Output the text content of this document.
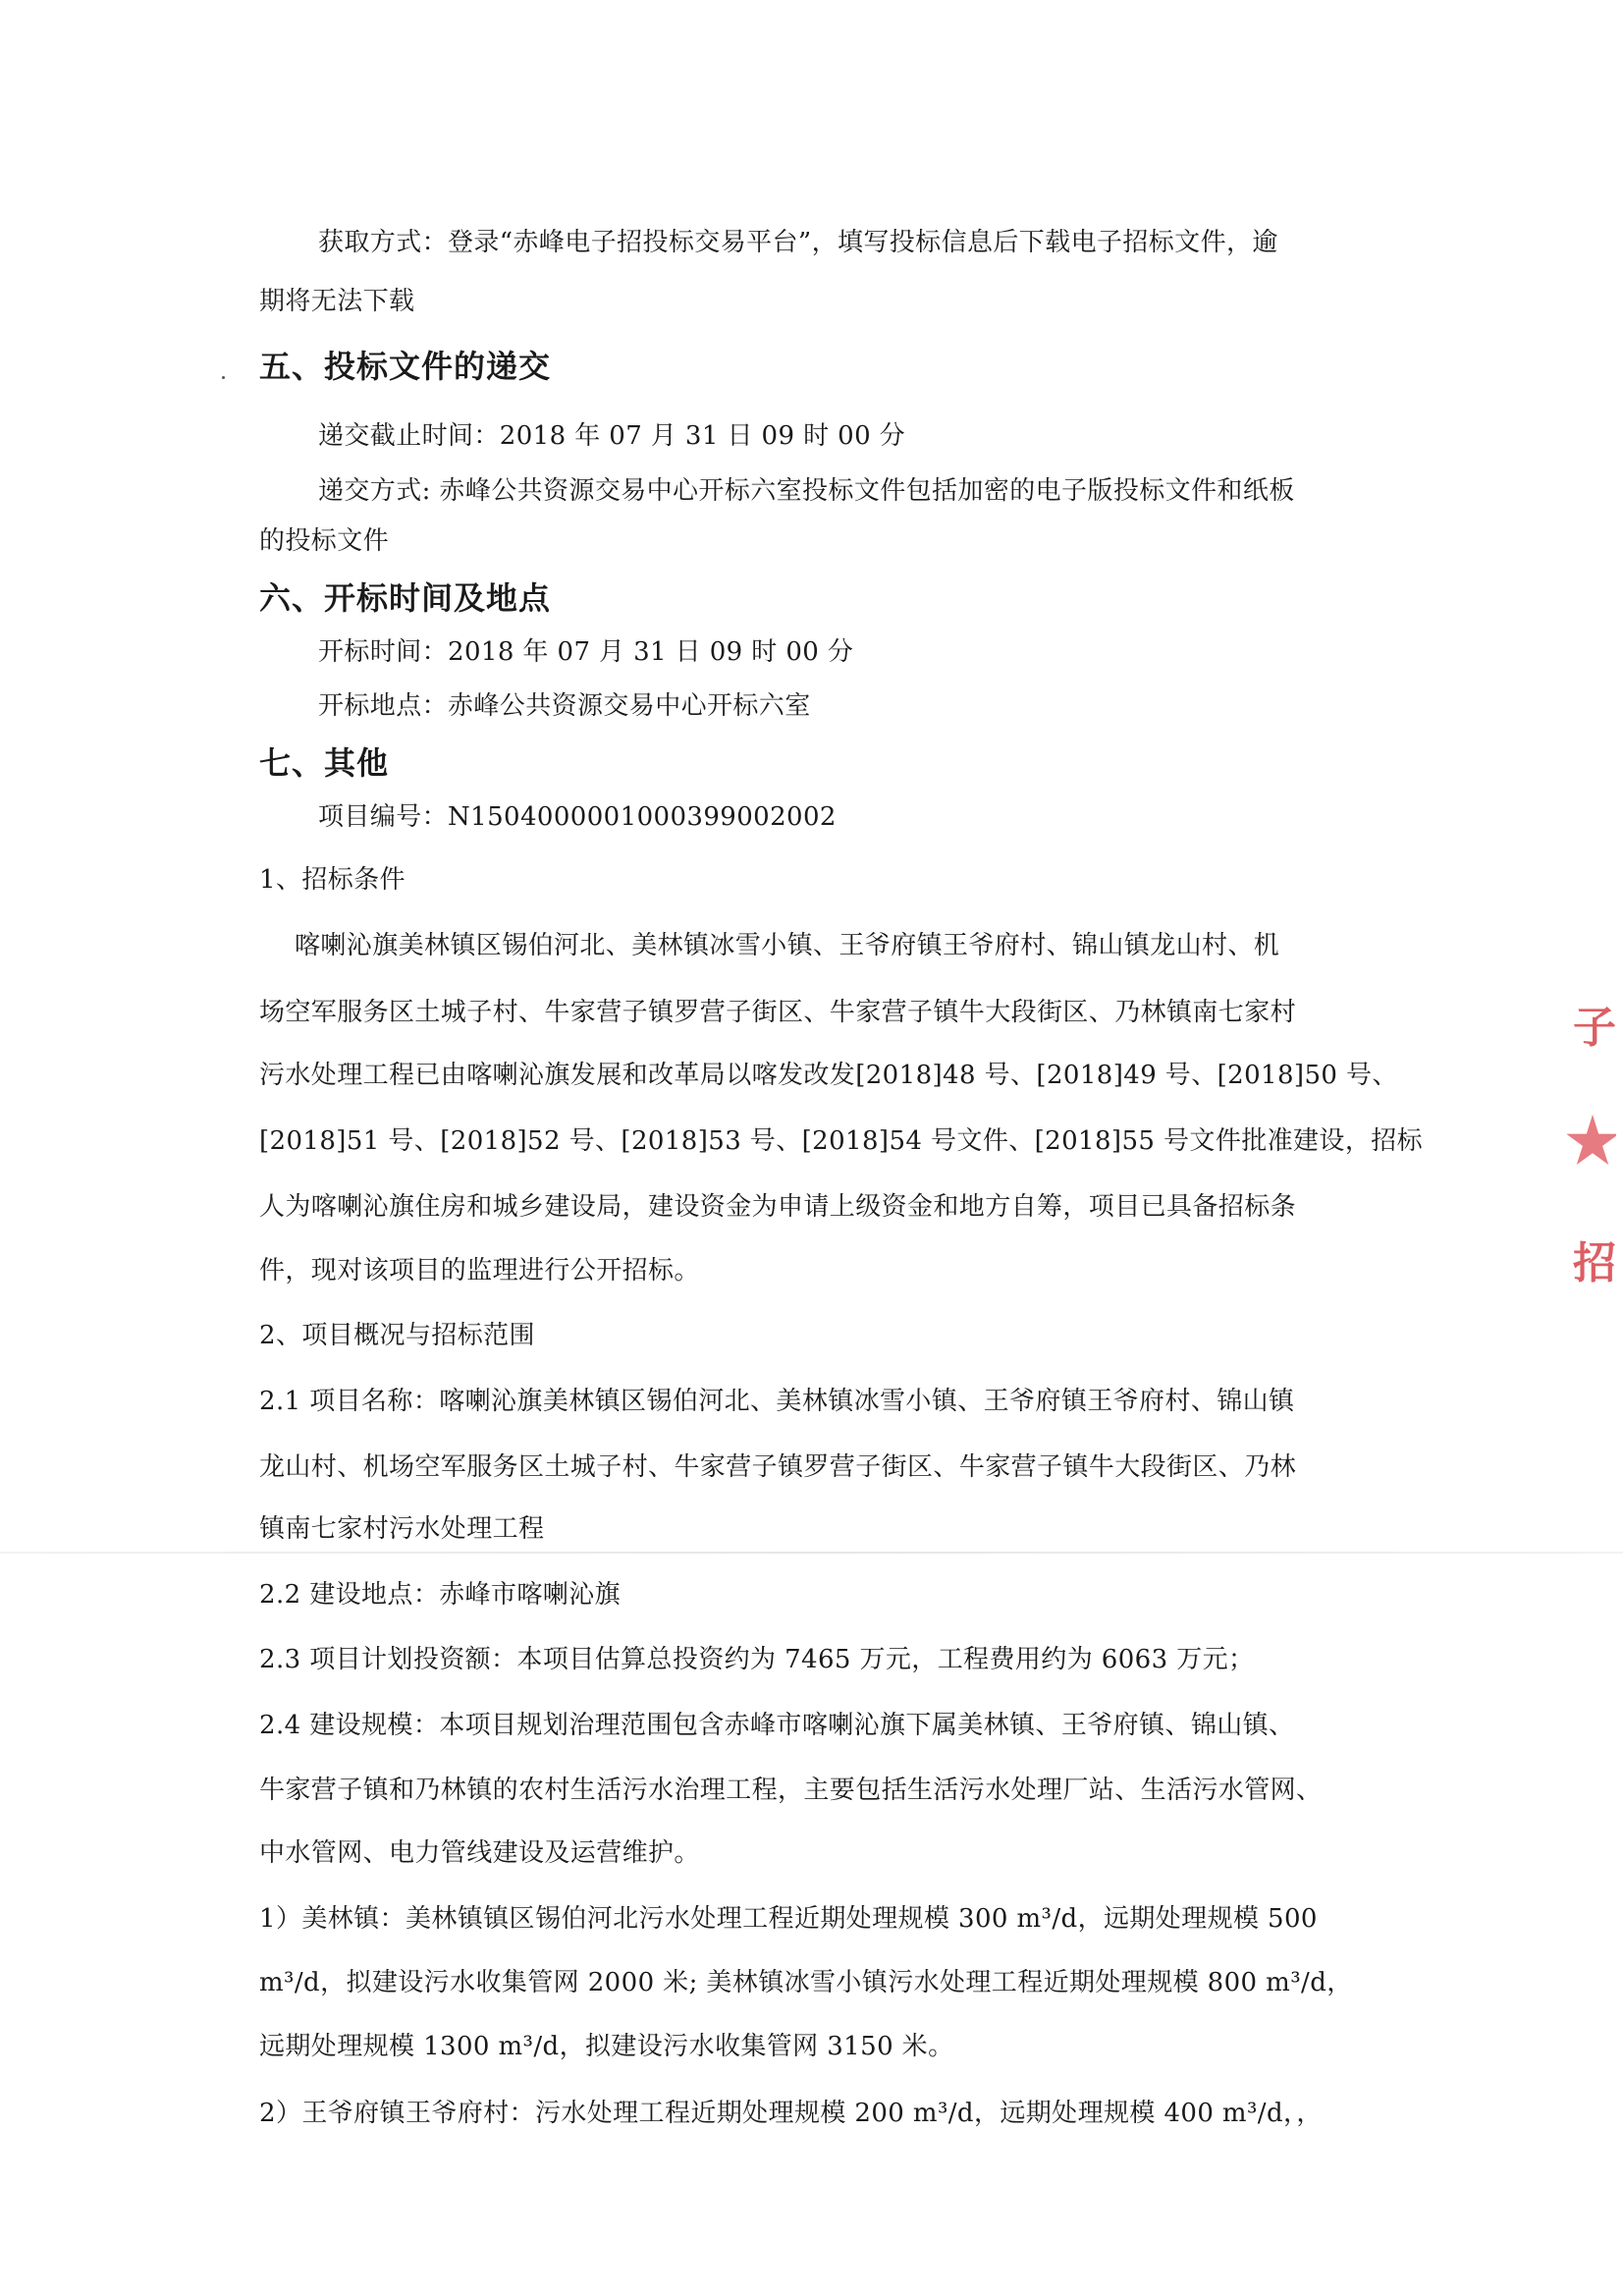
获取方式：登录“赤峰电子招投标交易平台”，填写投标信息后下载电子招标文件，逾
期将无法下载
五、投标文件的递交
递交截止时间：2018 年 07 月 31 日 09 时 00 分
递交方式: 赤峰公共资源交易中心开标六室投标文件包括加密的电子版投标文件和纸板
的投标文件
六、开标时间及地点
开标时间：2018 年 07 月 31 日 09 时 00 分
开标地点：赤峰公共资源交易中心开标六室
七、其他
项目编号：N1504000001000399002002
1、招标条件
喀喇沁旗美林镇区锡伯河北、美林镇冰雪小镇、王爷府镇王爷府村、锦山镇龙山村、机
场空军服务区土城子村、牛家营子镇罗营子街区、牛家营子镇牛大段街区、乃林镇南七家村
污水处理工程已由喀喇沁旗发展和改革局以喀发改发[2018]48 号、[2018]49 号、[2018]50 号、
[2018]51 号、[2018]52 号、[2018]53 号、[2018]54 号文件、[2018]55 号文件批准建设，招标
人为喀喇沁旗住房和城乡建设局，建设资金为申请上级资金和地方自筹，项目已具备招标条
件，现对该项目的监理进行公开招标。
2、项目概况与招标范围
2.1 项目名称：喀喇沁旗美林镇区锡伯河北、美林镇冰雪小镇、王爷府镇王爷府村、锦山镇
龙山村、机场空军服务区土城子村、牛家营子镇罗营子街区、牛家营子镇牛大段街区、乃林
镇南七家村污水处理工程
2.2 建设地点：赤峰市喀喇沁旗
2.3 项目计划投资额：本项目估算总投资约为 7465 万元，工程费用约为 6063 万元；
2.4 建设规模：本项目规划治理范围包含赤峰市喀喇沁旗下属美林镇、王爷府镇、锦山镇、
牛家营子镇和乃林镇的农村生活污水治理工程，主要包括生活污水处理厂站、生活污水管网、
中水管网、电力管线建设及运营维护。
1）美林镇：美林镇镇区锡伯河北污水处理工程近期处理规模 300 m³/d，远期处理规模 500
m³/d，拟建设污水收集管网 2000 米; 美林镇冰雪小镇污水处理工程近期处理规模 800 m³/d，
远期处理规模 1300 m³/d，拟建设污水收集管网 3150 米。
2）王爷府镇王爷府村：污水处理工程近期处理规模 200 m³/d，远期处理规模 400 m³/d，，
子
招
